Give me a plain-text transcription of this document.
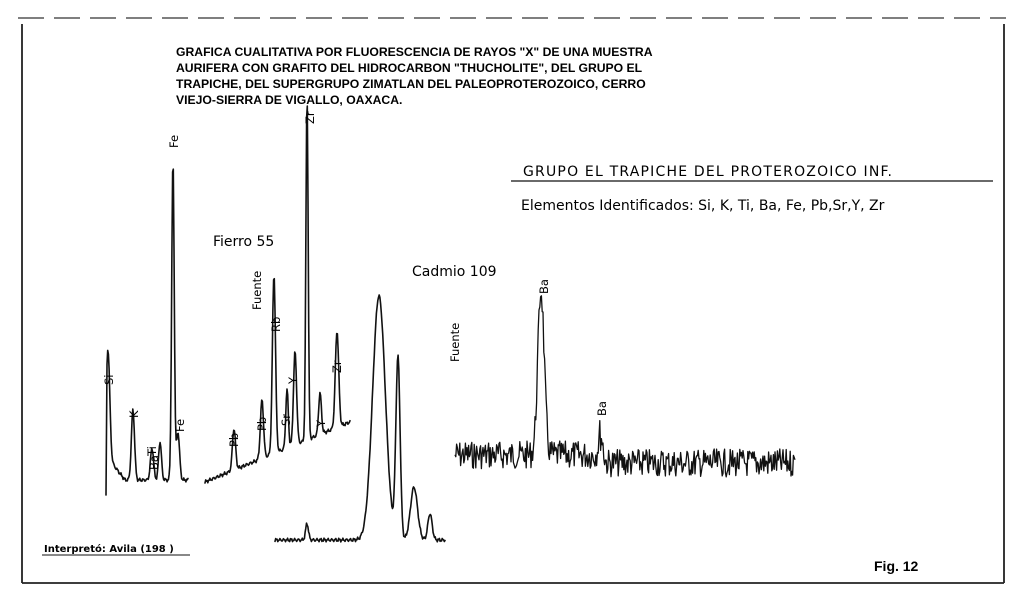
GRAFICA CUALITATIVA POR FLUORESCENCIA DE RAYOS "X" DE UNA MUESTRA
AURIFERA CON GRAFITO DEL HIDROCARBON "THUCHOLITE", DEL GRUPO EL
TRAPICHE, DEL SUPERGRUPO ZIMATLAN DEL PALEOPROTEROZOICO, CERRO
VIEJO-SIERRA DE VIGALLO, OAXACA.
GRUPO EL TRAPICHE DEL PROTEROZOICO INF.
Elementos Identificados: Si, K, Ti, Ba, Fe, Pb,Sr,Y, Zr
Fierro 55
Cadmio 109
Fuente
Fuente
Si
K
Ba
Ti
Fe
Fe
Pb
Pb
Rb
Sr
Y
Zr
Y
Zr
Ba
Ba
Interpretó: Avila (198 )
Fig. 12
